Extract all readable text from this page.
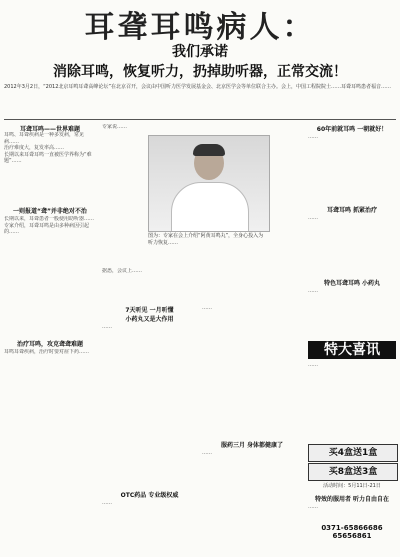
耳聋耳鸣病人：
我们承诺
消除耳鸣，恢复听力，扔掉助听器，正常交流！
2012年3月2日，“2012北京耳鸣耳聋高峰论坛”在北京召开，会议由中国听力医学发展基金会、北京医学会等单位联合主办。会上，中国工程院院士……耳聋耳鸣患者福音……
耳聋耳鸣——世界难题
耳鸣、耳聋疾病是一种多发病，常见病……
治疗难度大，复发率高……
长期以来耳聋耳鸣一直被医学界称为“难题”……
一则报道“聋”并非绝对不治
长期以来，耳聋患者一般使用助听器……
专家介绍，耳聋耳鸣是由多种病因引起的……
治疗耳鸣，攻克聋聋难题
耳鸣耳聋疾病，治疗时要对症下药……
专家说……
图为：专家在会上介绍“阿黄耳鸣丸”，全身心投入为听力恢复……
据悉，会议上……
7天听见 一月听懂
小药丸又是大作用
……
OTC药品 专业级权威
……
……
服药三月 身体都健康了
……
60年前就耳鸣 一朝就好！
……
耳聋耳鸣 抓紧治疗
……
特色耳聋耳鸣 小药丸
……
特大喜讯
……
买4盒送1盒
买8盒送3盒
活动时间：5月11日-21日
特效的服用者 听力自由自在
……
0371-65866686 65656861
